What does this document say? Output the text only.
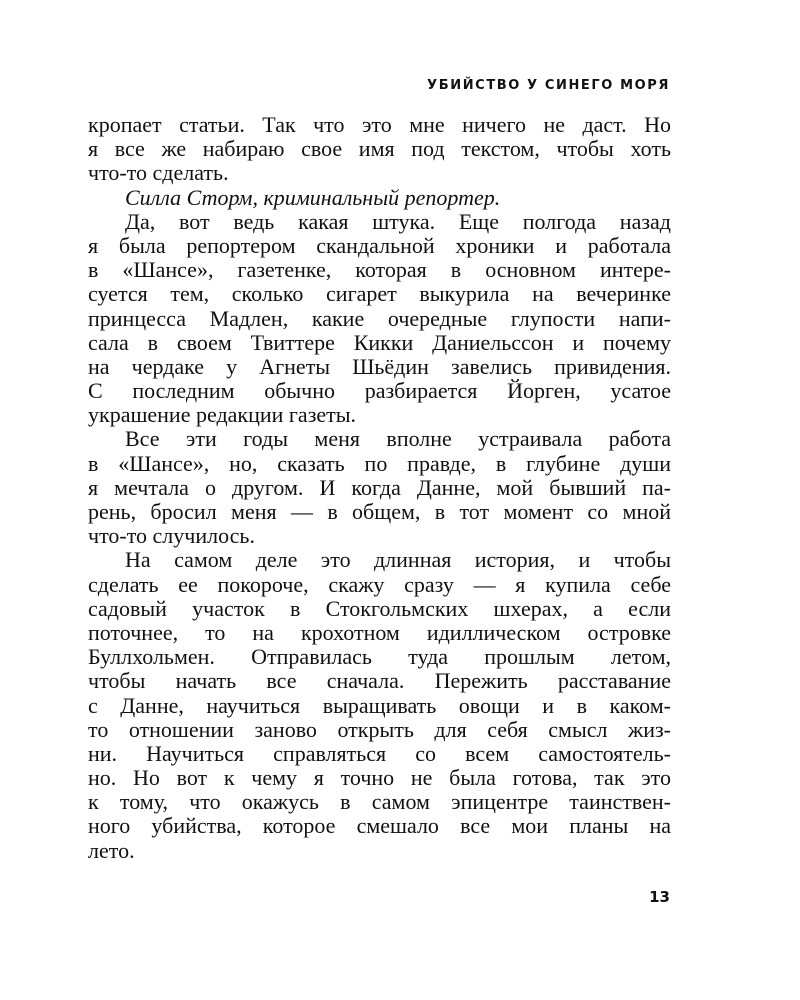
УБИЙСТВО У СИНЕГО МОРЯ
кропает статьи. Так что это мне ничего не даст. Но
я все же набираю свое имя под текстом, чтобы хоть
что-то сделать.
Силла Сторм, криминальный репортер.
Да, вот ведь какая штука. Еще полгода назад
я была репортером скандальной хроники и работала
в «Шансе», газетенке, которая в основном интере-
суется тем, сколько сигарет выкурила на вечеринке
принцесса Мадлен, какие очередные глупости напи-
сала в своем Твиттере Кикки Даниельссон и почему
на чердаке у Агнеты Шьёдин завелись привидения.
С последним обычно разбирается Йорген, усатое
украшение редакции газеты.
Все эти годы меня вполне устраивала работа
в «Шансе», но, сказать по правде, в глубине души
я мечтала о другом. И когда Данне, мой бывший па-
рень, бросил меня — в общем, в тот момент со мной
что-то случилось.
На самом деле это длинная история, и чтобы
сделать ее покороче, скажу сразу — я купила себе
садовый участок в Стокгольмских шхерах, а если
поточнее, то на крохотном идиллическом островке
Буллхольмен. Отправилась туда прошлым летом,
чтобы начать все сначала. Пережить расставание
с Данне, научиться выращивать овощи и в каком-
то отношении заново открыть для себя смысл жиз-
ни. Научиться справляться со всем самостоятель-
но. Но вот к чему я точно не была готова, так это
к тому, что окажусь в самом эпицентре таинствен-
ного убийства, которое смешало все мои планы на
лето.
13
